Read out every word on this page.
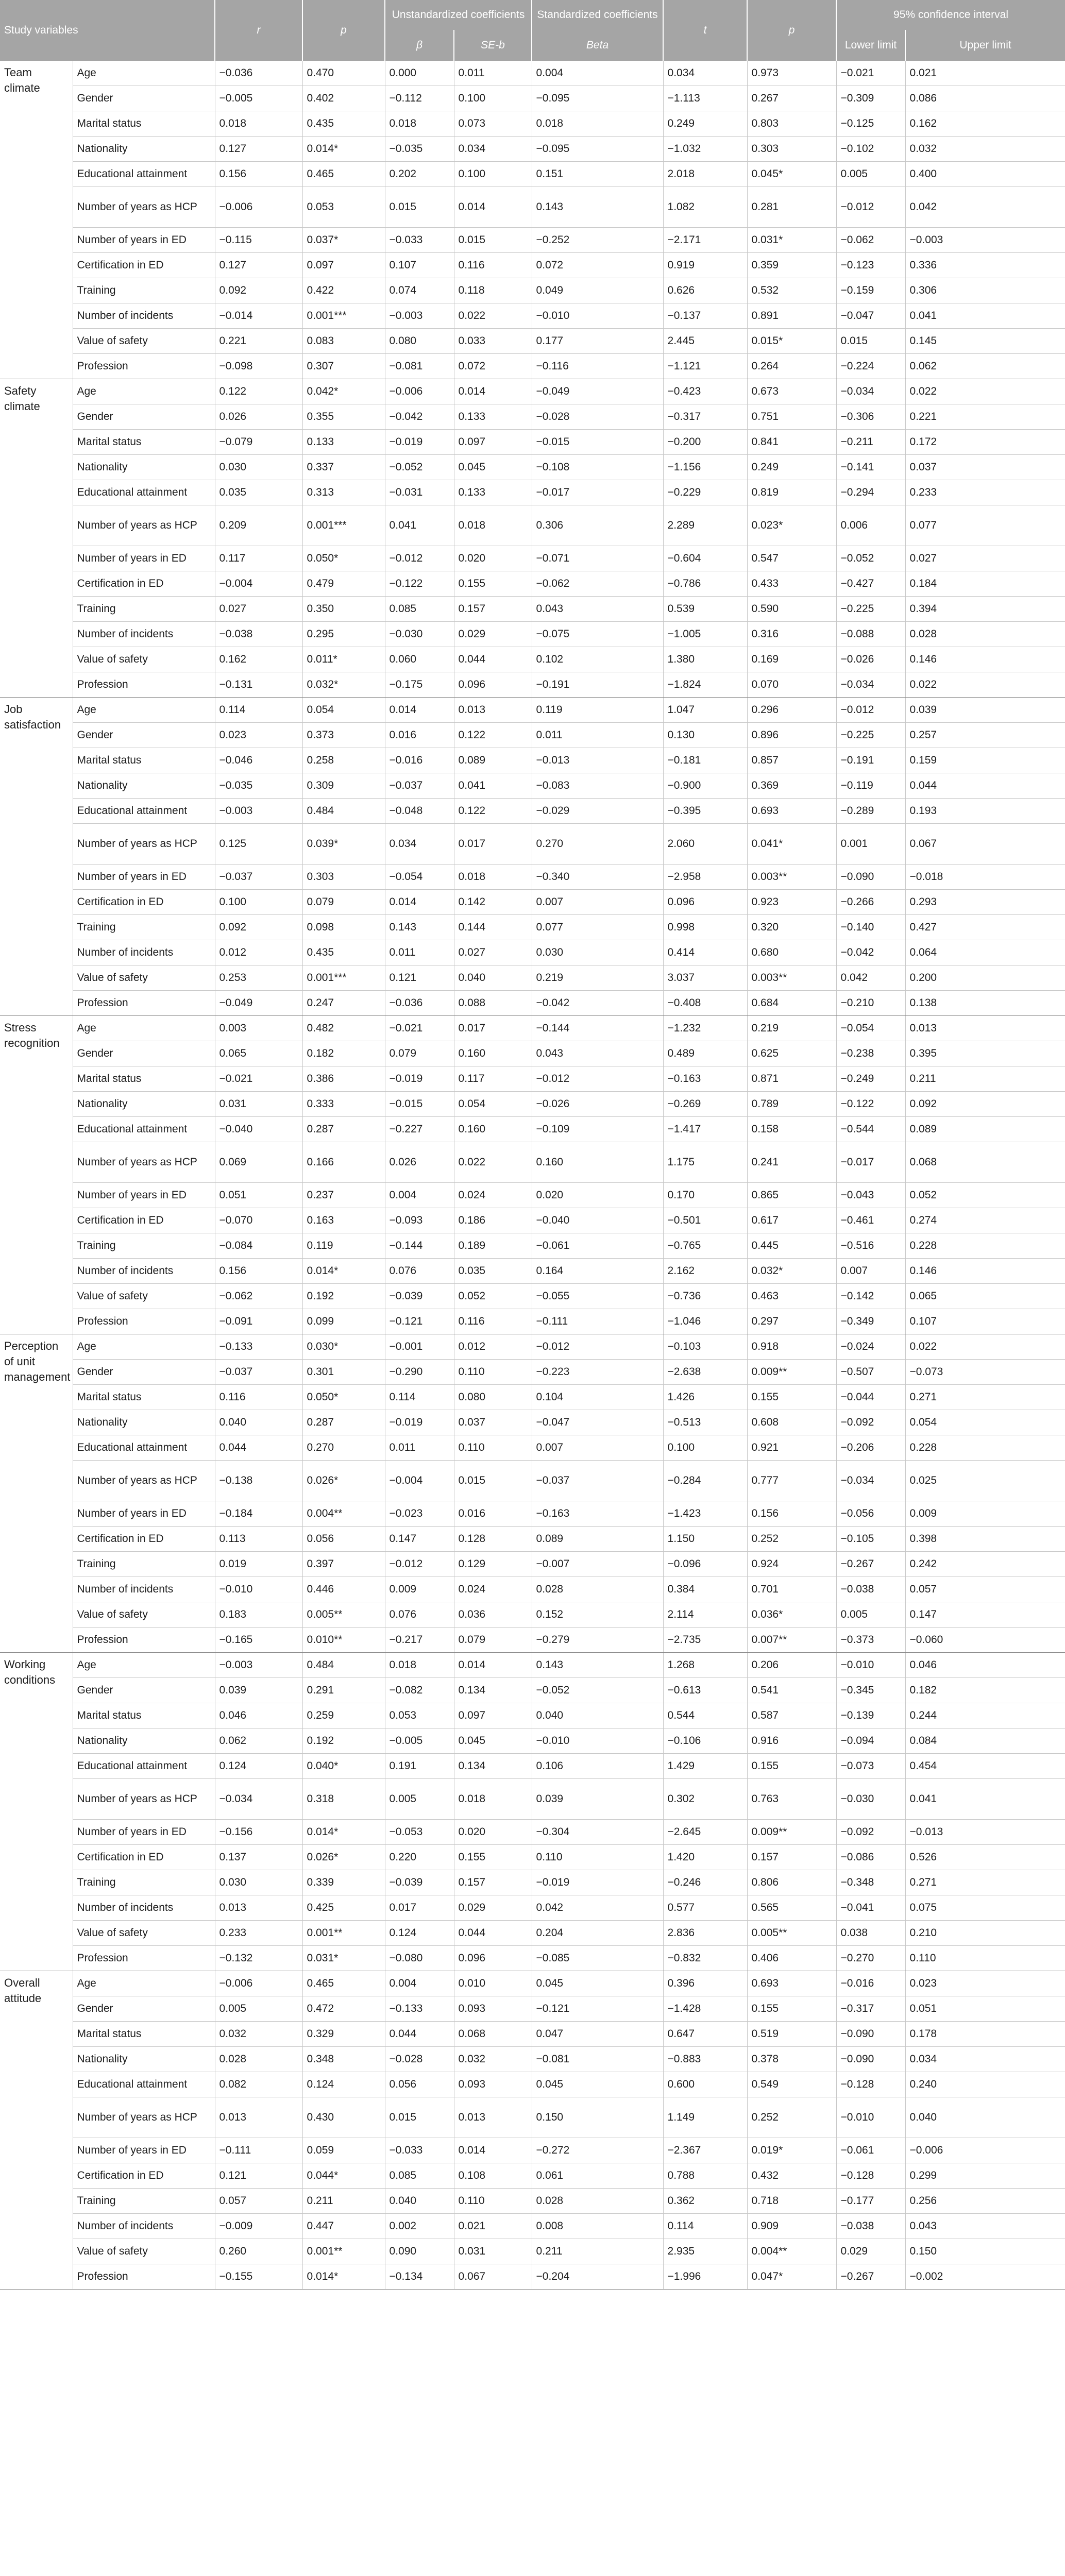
Study variables		r	p	Unstandardized coefficients		Standardized coefficients	t	p	95% confidence interval	
				β	SE-b	Beta			Lower limit	Upper limit
Team climate	Age	−0.036	0.470	0.000	0.011	0.004	0.034	0.973	−0.021	0.021
	Gender	−0.005	0.402	−0.112	0.100	−0.095	−1.113	0.267	−0.309	0.086
	Marital status	0.018	0.435	0.018	0.073	0.018	0.249	0.803	−0.125	0.162
	Nationality	0.127	0.014*	−0.035	0.034	−0.095	−1.032	0.303	−0.102	0.032
	Educational attainment	0.156	0.465	0.202	0.100	0.151	2.018	0.045*	0.005	0.400
	Number of years as HCP	−0.006	0.053	0.015	0.014	0.143	1.082	0.281	−0.012	0.042
	Number of years in ED	−0.115	0.037*	−0.033	0.015	−0.252	−2.171	0.031*	−0.062	−0.003
	Certification in ED	0.127	0.097	0.107	0.116	0.072	0.919	0.359	−0.123	0.336
	Training	0.092	0.422	0.074	0.118	0.049	0.626	0.532	−0.159	0.306
	Number of incidents	−0.014	0.001***	−0.003	0.022	−0.010	−0.137	0.891	−0.047	0.041
	Value of safety	0.221	0.083	0.080	0.033	0.177	2.445	0.015*	0.015	0.145
	Profession	−0.098	0.307	−0.081	0.072	−0.116	−1.121	0.264	−0.224	0.062
Safety climate	Age	0.122	0.042*	−0.006	0.014	−0.049	−0.423	0.673	−0.034	0.022
	Gender	0.026	0.355	−0.042	0.133	−0.028	−0.317	0.751	−0.306	0.221
	Marital status	−0.079	0.133	−0.019	0.097	−0.015	−0.200	0.841	−0.211	0.172
	Nationality	0.030	0.337	−0.052	0.045	−0.108	−1.156	0.249	−0.141	0.037
	Educational attainment	0.035	0.313	−0.031	0.133	−0.017	−0.229	0.819	−0.294	0.233
	Number of years as HCP	0.209	0.001***	0.041	0.018	0.306	2.289	0.023*	0.006	0.077
	Number of years in ED	0.117	0.050*	−0.012	0.020	−0.071	−0.604	0.547	−0.052	0.027
	Certification in ED	−0.004	0.479	−0.122	0.155	−0.062	−0.786	0.433	−0.427	0.184
	Training	0.027	0.350	0.085	0.157	0.043	0.539	0.590	−0.225	0.394
	Number of incidents	−0.038	0.295	−0.030	0.029	−0.075	−1.005	0.316	−0.088	0.028
	Value of safety	0.162	0.011*	0.060	0.044	0.102	1.380	0.169	−0.026	0.146
	Profession	−0.131	0.032*	−0.175	0.096	−0.191	−1.824	0.070	−0.034	0.022
Job satisfaction	Age	0.114	0.054	0.014	0.013	0.119	1.047	0.296	−0.012	0.039
	Gender	0.023	0.373	0.016	0.122	0.011	0.130	0.896	−0.225	0.257
	Marital status	−0.046	0.258	−0.016	0.089	−0.013	−0.181	0.857	−0.191	0.159
	Nationality	−0.035	0.309	−0.037	0.041	−0.083	−0.900	0.369	−0.119	0.044
	Educational attainment	−0.003	0.484	−0.048	0.122	−0.029	−0.395	0.693	−0.289	0.193
	Number of years as HCP	0.125	0.039*	0.034	0.017	0.270	2.060	0.041*	0.001	0.067
	Number of years in ED	−0.037	0.303	−0.054	0.018	−0.340	−2.958	0.003**	−0.090	−0.018
	Certification in ED	0.100	0.079	0.014	0.142	0.007	0.096	0.923	−0.266	0.293
	Training	0.092	0.098	0.143	0.144	0.077	0.998	0.320	−0.140	0.427
	Number of incidents	0.012	0.435	0.011	0.027	0.030	0.414	0.680	−0.042	0.064
	Value of safety	0.253	0.001***	0.121	0.040	0.219	3.037	0.003**	0.042	0.200
	Profession	−0.049	0.247	−0.036	0.088	−0.042	−0.408	0.684	−0.210	0.138
Stress recognition	Age	0.003	0.482	−0.021	0.017	−0.144	−1.232	0.219	−0.054	0.013
	Gender	0.065	0.182	0.079	0.160	0.043	0.489	0.625	−0.238	0.395
	Marital status	−0.021	0.386	−0.019	0.117	−0.012	−0.163	0.871	−0.249	0.211
	Nationality	0.031	0.333	−0.015	0.054	−0.026	−0.269	0.789	−0.122	0.092
	Educational attainment	−0.040	0.287	−0.227	0.160	−0.109	−1.417	0.158	−0.544	0.089
	Number of years as HCP	0.069	0.166	0.026	0.022	0.160	1.175	0.241	−0.017	0.068
	Number of years in ED	0.051	0.237	0.004	0.024	0.020	0.170	0.865	−0.043	0.052
	Certification in ED	−0.070	0.163	−0.093	0.186	−0.040	−0.501	0.617	−0.461	0.274
	Training	−0.084	0.119	−0.144	0.189	−0.061	−0.765	0.445	−0.516	0.228
	Number of incidents	0.156	0.014*	0.076	0.035	0.164	2.162	0.032*	0.007	0.146
	Value of safety	−0.062	0.192	−0.039	0.052	−0.055	−0.736	0.463	−0.142	0.065
	Profession	−0.091	0.099	−0.121	0.116	−0.111	−1.046	0.297	−0.349	0.107
Perception of unit management	Age	−0.133	0.030*	−0.001	0.012	−0.012	−0.103	0.918	−0.024	0.022
	Gender	−0.037	0.301	−0.290	0.110	−0.223	−2.638	0.009**	−0.507	−0.073
	Marital status	0.116	0.050*	0.114	0.080	0.104	1.426	0.155	−0.044	0.271
	Nationality	0.040	0.287	−0.019	0.037	−0.047	−0.513	0.608	−0.092	0.054
	Educational attainment	0.044	0.270	0.011	0.110	0.007	0.100	0.921	−0.206	0.228
	Number of years as HCP	−0.138	0.026*	−0.004	0.015	−0.037	−0.284	0.777	−0.034	0.025
	Number of years in ED	−0.184	0.004**	−0.023	0.016	−0.163	−1.423	0.156	−0.056	0.009
	Certification in ED	0.113	0.056	0.147	0.128	0.089	1.150	0.252	−0.105	0.398
	Training	0.019	0.397	−0.012	0.129	−0.007	−0.096	0.924	−0.267	0.242
	Number of incidents	−0.010	0.446	0.009	0.024	0.028	0.384	0.701	−0.038	0.057
	Value of safety	0.183	0.005**	0.076	0.036	0.152	2.114	0.036*	0.005	0.147
	Profession	−0.165	0.010**	−0.217	0.079	−0.279	−2.735	0.007**	−0.373	−0.060
Working conditions	Age	−0.003	0.484	0.018	0.014	0.143	1.268	0.206	−0.010	0.046
	Gender	0.039	0.291	−0.082	0.134	−0.052	−0.613	0.541	−0.345	0.182
	Marital status	0.046	0.259	0.053	0.097	0.040	0.544	0.587	−0.139	0.244
	Nationality	0.062	0.192	−0.005	0.045	−0.010	−0.106	0.916	−0.094	0.084
	Educational attainment	0.124	0.040*	0.191	0.134	0.106	1.429	0.155	−0.073	0.454
	Number of years as HCP	−0.034	0.318	0.005	0.018	0.039	0.302	0.763	−0.030	0.041
	Number of years in ED	−0.156	0.014*	−0.053	0.020	−0.304	−2.645	0.009**	−0.092	−0.013
	Certification in ED	0.137	0.026*	0.220	0.155	0.110	1.420	0.157	−0.086	0.526
	Training	0.030	0.339	−0.039	0.157	−0.019	−0.246	0.806	−0.348	0.271
	Number of incidents	0.013	0.425	0.017	0.029	0.042	0.577	0.565	−0.041	0.075
	Value of safety	0.233	0.001**	0.124	0.044	0.204	2.836	0.005**	0.038	0.210
	Profession	−0.132	0.031*	−0.080	0.096	−0.085	−0.832	0.406	−0.270	0.110
Overall attitude	Age	−0.006	0.465	0.004	0.010	0.045	0.396	0.693	−0.016	0.023
	Gender	0.005	0.472	−0.133	0.093	−0.121	−1.428	0.155	−0.317	0.051
	Marital status	0.032	0.329	0.044	0.068	0.047	0.647	0.519	−0.090	0.178
	Nationality	0.028	0.348	−0.028	0.032	−0.081	−0.883	0.378	−0.090	0.034
	Educational attainment	0.082	0.124	0.056	0.093	0.045	0.600	0.549	−0.128	0.240
	Number of years as HCP	0.013	0.430	0.015	0.013	0.150	1.149	0.252	−0.010	0.040
	Number of years in ED	−0.111	0.059	−0.033	0.014	−0.272	−2.367	0.019*	−0.061	−0.006
	Certification in ED	0.121	0.044*	0.085	0.108	0.061	0.788	0.432	−0.128	0.299
	Training	0.057	0.211	0.040	0.110	0.028	0.362	0.718	−0.177	0.256
	Number of incidents	−0.009	0.447	0.002	0.021	0.008	0.114	0.909	−0.038	0.043
	Value of safety	0.260	0.001**	0.090	0.031	0.211	2.935	0.004**	0.029	0.150
	Profession	−0.155	0.014*	−0.134	0.067	−0.204	−1.996	0.047*	−0.267	−0.002
